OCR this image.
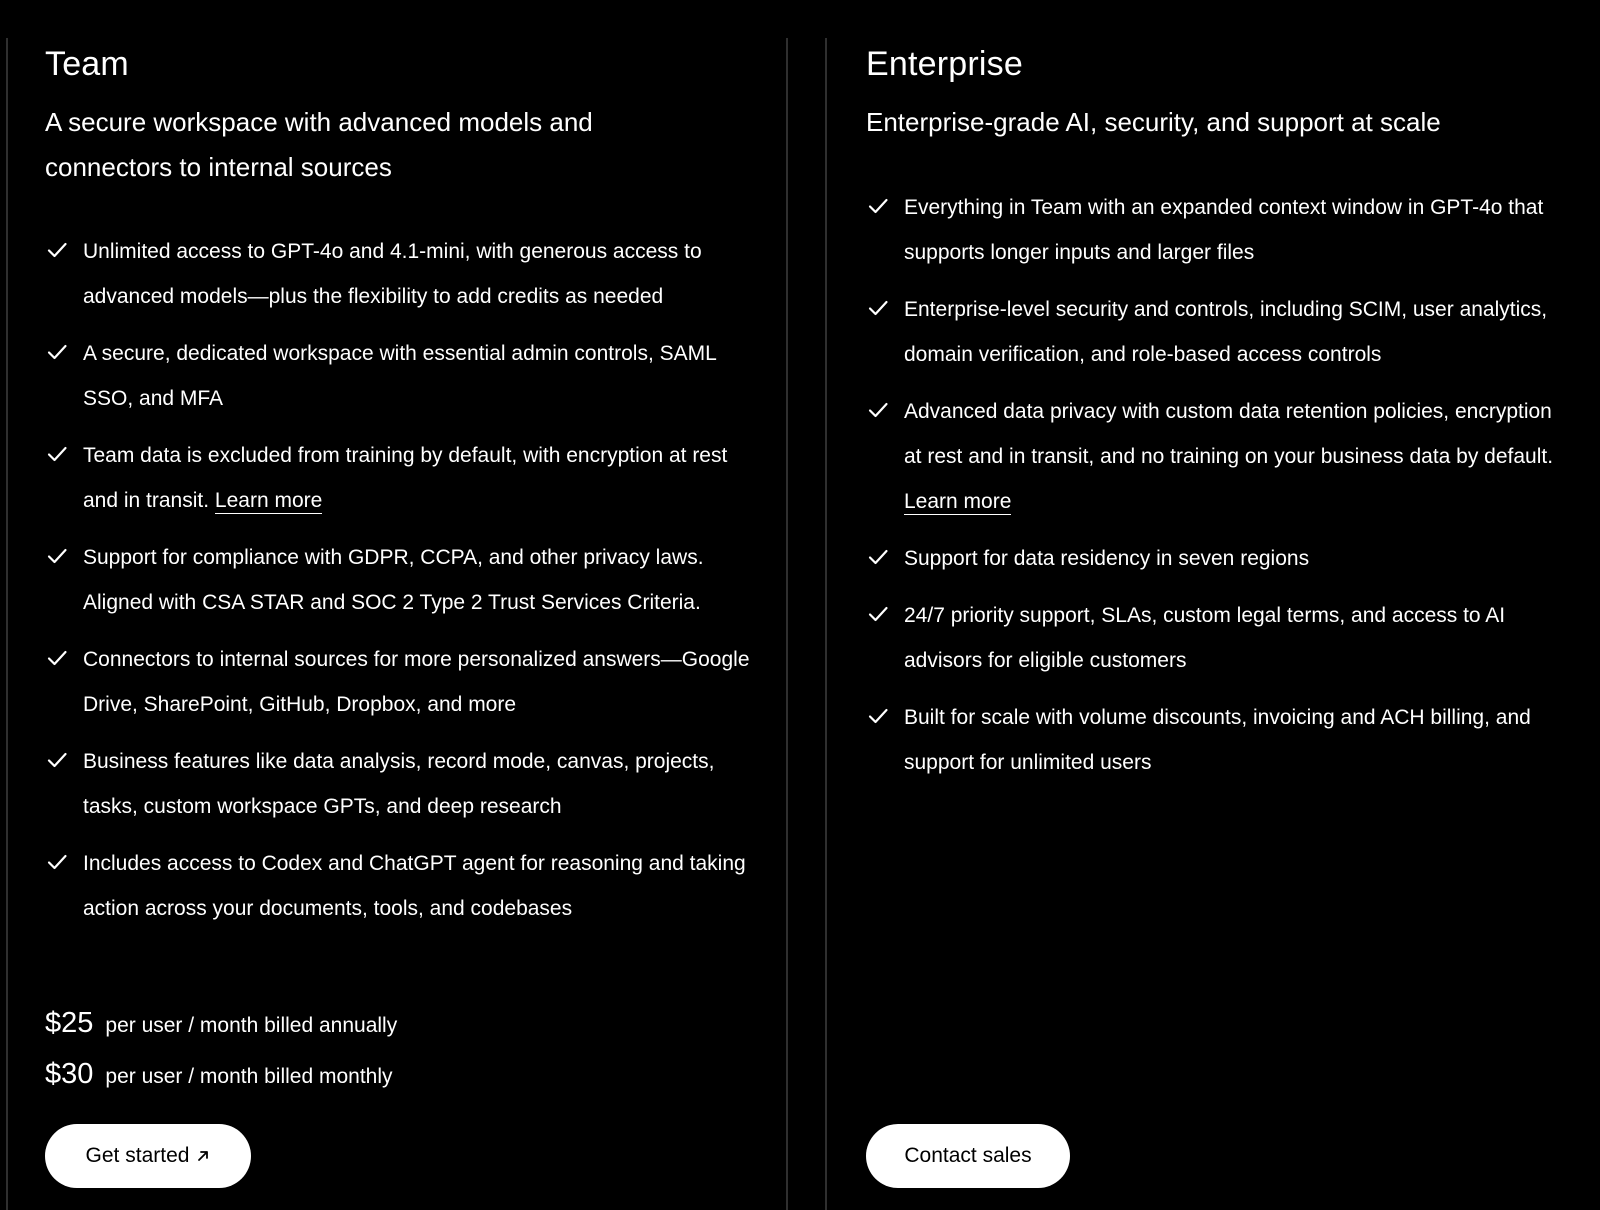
Team

A secure workspace with advanced models and connectors to internal sources

Unlimited access to GPT-4o and 4.1-mini, with generous access to advanced models—plus the flexibility to add credits as needed
A secure, dedicated workspace with essential admin controls, SAML SSO, and MFA
Team data is excluded from training by default, with encryption at rest and in transit. Learn more
Support for compliance with GDPR, CCPA, and other privacy laws. Aligned with CSA STAR and SOC 2 Type 2 Trust Services Criteria.
Connectors to internal sources for more personalized answers—Google Drive, SharePoint, GitHub, Dropbox, and more
Business features like data analysis, record mode, canvas, projects, tasks, custom workspace GPTs, and deep research
Includes access to Codex and ChatGPT agent for reasoning and taking action across your documents, tools, and codebases
$25 per user / month billed annually
$30 per user / month billed monthly
Get started
Enterprise

Enterprise-grade AI, security, and support at scale

Everything in Team with an expanded context window in GPT-4o that supports longer inputs and larger files
Enterprise-level security and controls, including SCIM, user analytics, domain verification, and role-based access controls
Advanced data privacy with custom data retention policies, encryption at rest and in transit, and no training on your business data by default. Learn more
Support for data residency in seven regions
24/7 priority support, SLAs, custom legal terms, and access to AI advisors for eligible customers
Built for scale with volume discounts, invoicing and ACH billing, and support for unlimited users
Contact sales
